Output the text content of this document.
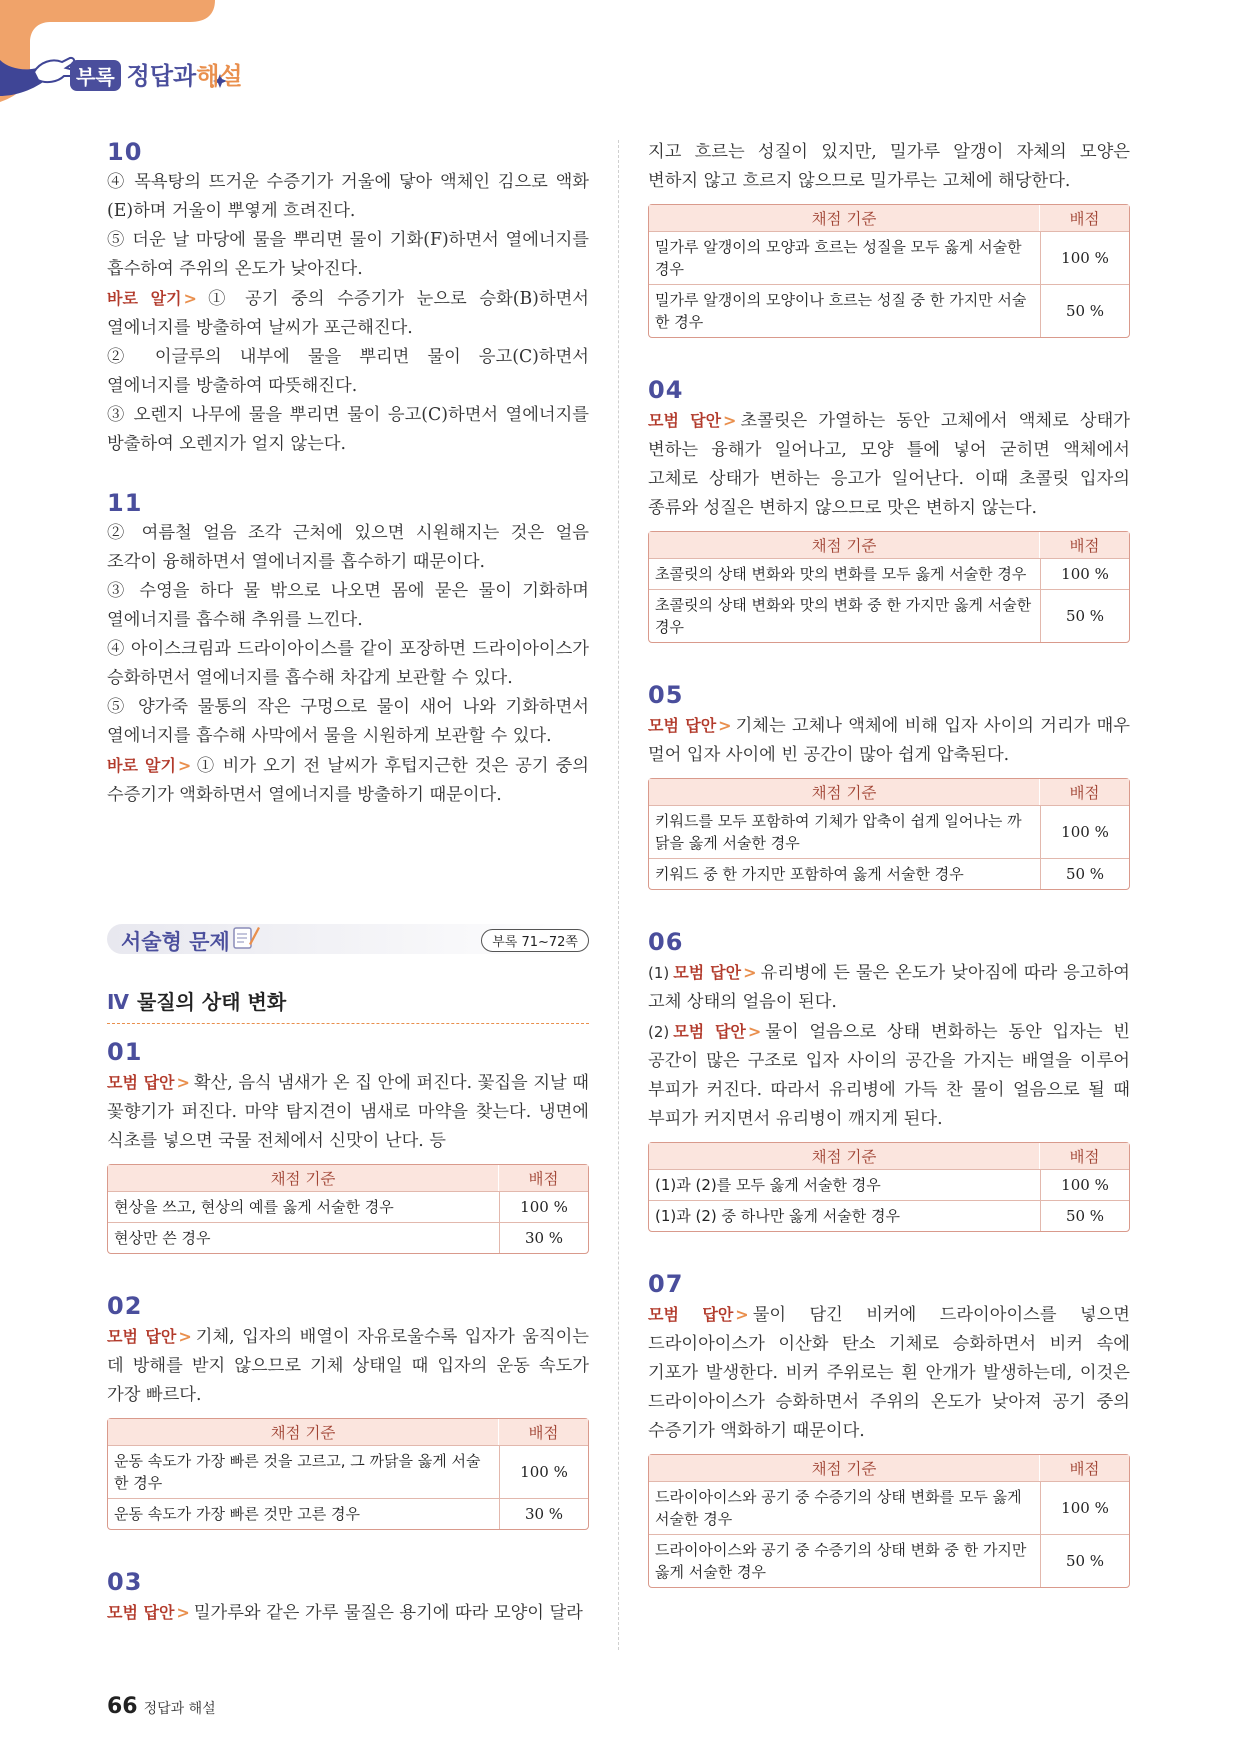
부록 정답과해설
10

④ 목욕탕의 뜨거운 수증기가 거울에 닿아 액체인 김으로 액화(E)하며 거울이 뿌옇게 흐려진다.

⑤ 더운 날 마당에 물을 뿌리면 물이 기화(F)하면서 열에너지를 흡수하여 주위의 온도가 낮아진다.

바로 알기 > ① 공기 중의 수증기가 눈으로 승화(B)하면서 열에너지를 방출하여 날씨가 포근해진다.

② 이글루의 내부에 물을 뿌리면 물이 응고(C)하면서 열에너지를 방출하여 따뜻해진다.

③ 오렌지 나무에 물을 뿌리면 물이 응고(C)하면서 열에너지를 방출하여 오렌지가 얼지 않는다.

11

② 여름철 얼음 조각 근처에 있으면 시원해지는 것은 얼음 조각이 융해하면서 열에너지를 흡수하기 때문이다.

③ 수영을 하다 물 밖으로 나오면 몸에 묻은 물이 기화하며 열에너지를 흡수해 추위를 느낀다.

④ 아이스크림과 드라이아이스를 같이 포장하면 드라이아이스가 승화하면서 열에너지를 흡수해 차갑게 보관할 수 있다.

⑤ 양가죽 물통의 작은 구멍으로 물이 새어 나와 기화하면서 열에너지를 흡수해 사막에서 물을 시원하게 보관할 수 있다.

바로 알기 > ① 비가 오기 전 날씨가 후텁지근한 것은 공기 중의 수증기가 액화하면서 열에너지를 방출하기 때문이다.

서술형 문제	부록 71~72쪽
Ⅳ 물질의 상태 변화
01

모범 답안 > 확산, 음식 냄새가 온 집 안에 퍼진다. 꽃집을 지날 때 꽃향기가 퍼진다. 마약 탐지견이 냄새로 마약을 찾는다. 냉면에 식초를 넣으면 국물 전체에서 신맛이 난다. 등

채점 기준	배점
현상을 쓰고, 현상의 예를 옳게 서술한 경우	100 %
현상만 쓴 경우	30 %
02

모범 답안 > 기체, 입자의 배열이 자유로울수록 입자가 움직이는 데 방해를 받지 않으므로 기체 상태일 때 입자의 운동 속도가 가장 빠르다.

채점 기준	배점
운동 속도가 가장 빠른 것을 고르고, 그 까닭을 옳게 서술한 경우	100 %
운동 속도가 가장 빠른 것만 고른 경우	30 %
03

모범 답안 > 밀가루와 같은 가루 물질은 용기에 따라 모양이 달라

지고 흐르는 성질이 있지만, 밀가루 알갱이 자체의 모양은 변하지 않고 흐르지 않으므로 밀가루는 고체에 해당한다.

채점 기준	배점
밀가루 알갱이의 모양과 흐르는 성질을 모두 옳게 서술한 경우	100 %
밀가루 알갱이의 모양이나 흐르는 성질 중 한 가지만 서술한 경우	50 %
04

모범 답안 > 초콜릿은 가열하는 동안 고체에서 액체로 상태가 변하는 융해가 일어나고, 모양 틀에 넣어 굳히면 액체에서 고체로 상태가 변하는 응고가 일어난다. 이때 초콜릿 입자의 종류와 성질은 변하지 않으므로 맛은 변하지 않는다.

채점 기준	배점
초콜릿의 상태 변화와 맛의 변화를 모두 옳게 서술한 경우	100 %
초콜릿의 상태 변화와 맛의 변화 중 한 가지만 옳게 서술한 경우	50 %
05

모범 답안 > 기체는 고체나 액체에 비해 입자 사이의 거리가 매우 멀어 입자 사이에 빈 공간이 많아 쉽게 압축된다.

채점 기준	배점
키워드를 모두 포함하여 기체가 압축이 쉽게 일어나는 까닭을 옳게 서술한 경우	100 %
키워드 중 한 가지만 포함하여 옳게 서술한 경우	50 %
06

(1) 모범 답안 > 유리병에 든 물은 온도가 낮아짐에 따라 응고하여 고체 상태의 얼음이 된다.

(2) 모범 답안 > 물이 얼음으로 상태 변화하는 동안 입자는 빈 공간이 많은 구조로 입자 사이의 공간을 가지는 배열을 이루어 부피가 커진다. 따라서 유리병에 가득 찬 물이 얼음으로 될 때 부피가 커지면서 유리병이 깨지게 된다.

채점 기준	배점
(1)과 (2)를 모두 옳게 서술한 경우	100 %
(1)과 (2) 중 하나만 옳게 서술한 경우	50 %
07

모범 답안 > 물이 담긴 비커에 드라이아이스를 넣으면 드라이아이스가 이산화 탄소 기체로 승화하면서 비커 속에 기포가 발생한다. 비커 주위로는 흰 안개가 발생하는데, 이것은 드라이아이스가 승화하면서 주위의 온도가 낮아져 공기 중의 수증기가 액화하기 때문이다.

채점 기준	배점
드라이아이스와 공기 중 수증기의 상태 변화를 모두 옳게 서술한 경우	100 %
드라이아이스와 공기 중 수증기의 상태 변화 중 한 가지만 옳게 서술한 경우	50 %
66 정답과 해설
